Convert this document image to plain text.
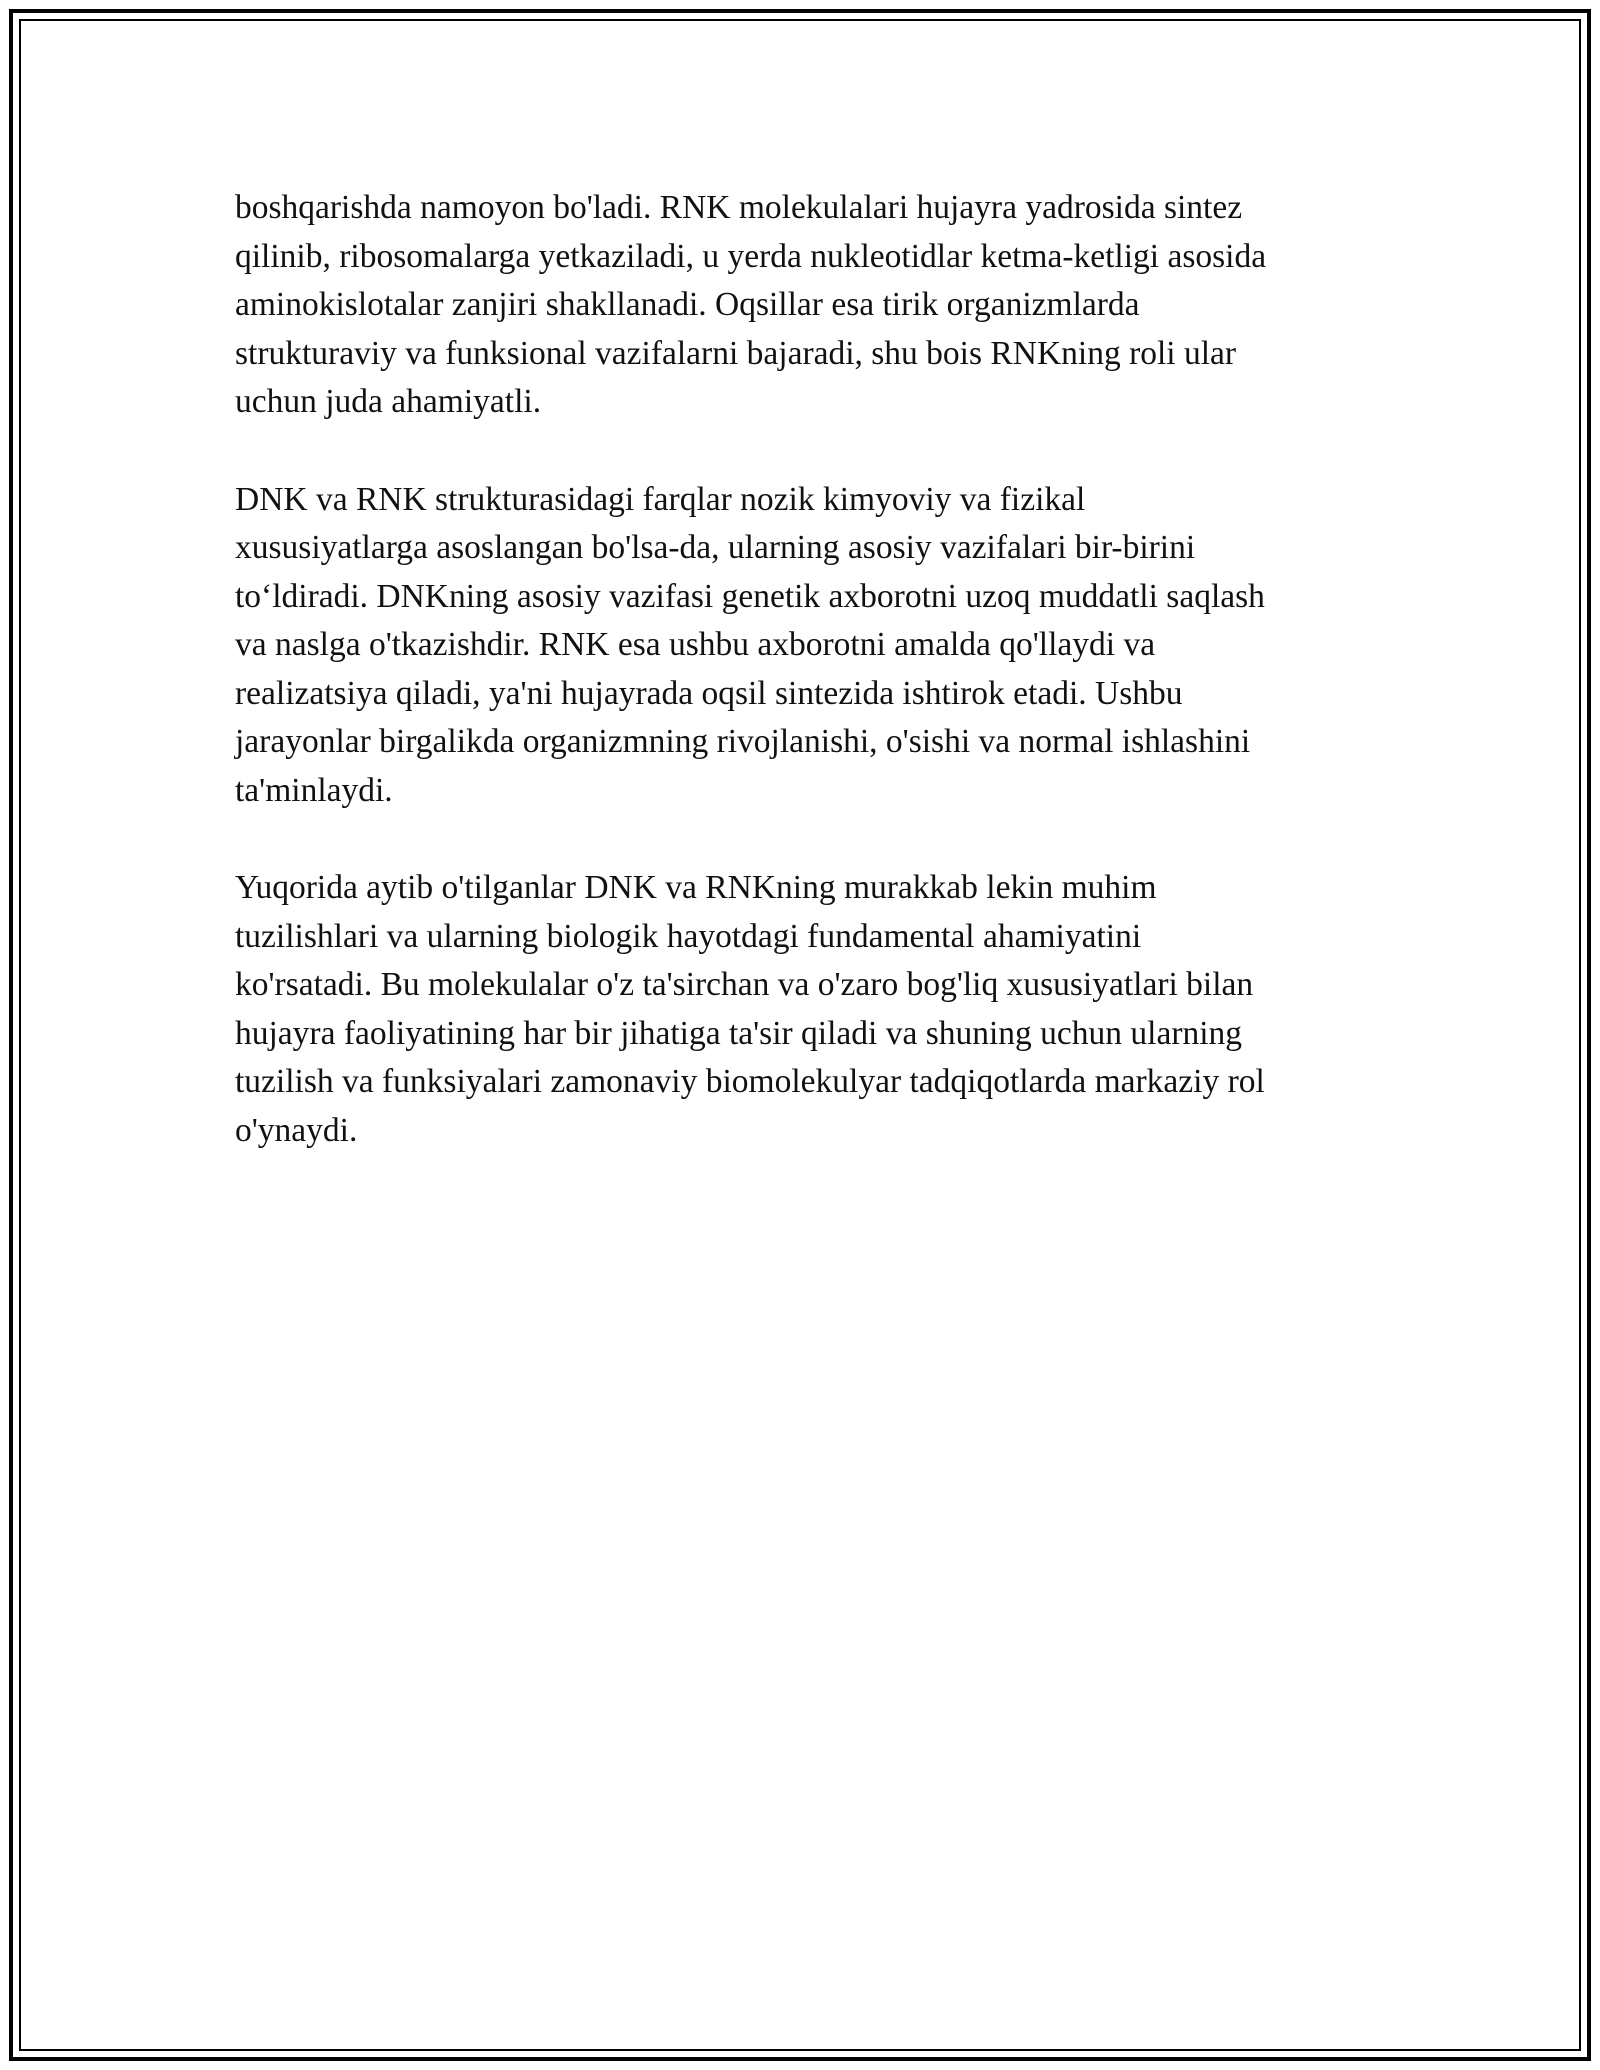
boshqarishda namoyon bo'ladi. RNK molekulalari hujayra yadrosida sintez
qilinib, ribosomalarga yetkaziladi, u yerda nukleotidlar ketma-ketligi asosida
aminokislotalar zanjiri shakllanadi. Oqsillar esa tirik organizmlarda
strukturaviy va funksional vazifalarni bajaradi, shu bois RNKning roli ular
uchun juda ahamiyatli.

DNK va RNK strukturasidagi farqlar nozik kimyoviy va fizikal
xususiyatlarga asoslangan bo'lsa-da, ularning asosiy vazifalari bir-birini
to‘ldiradi. DNKning asosiy vazifasi genetik axborotni uzoq muddatli saqlash
va naslga o'tkazishdir. RNK esa ushbu axborotni amalda qo'llaydi va
realizatsiya qiladi, ya'ni hujayrada oqsil sintezida ishtirok etadi. Ushbu
jarayonlar birgalikda organizmning rivojlanishi, o'sishi va normal ishlashini
ta'minlaydi.

Yuqorida aytib o'tilganlar DNK va RNKning murakkab lekin muhim
tuzilishlari va ularning biologik hayotdagi fundamental ahamiyatini
ko'rsatadi. Bu molekulalar o'z ta'sirchan va o'zaro bog'liq xususiyatlari bilan
hujayra faoliyatining har bir jihatiga ta'sir qiladi va shuning uchun ularning
tuzilish va funksiyalari zamonaviy biomolekulyar tadqiqotlarda markaziy rol
o'ynaydi.
